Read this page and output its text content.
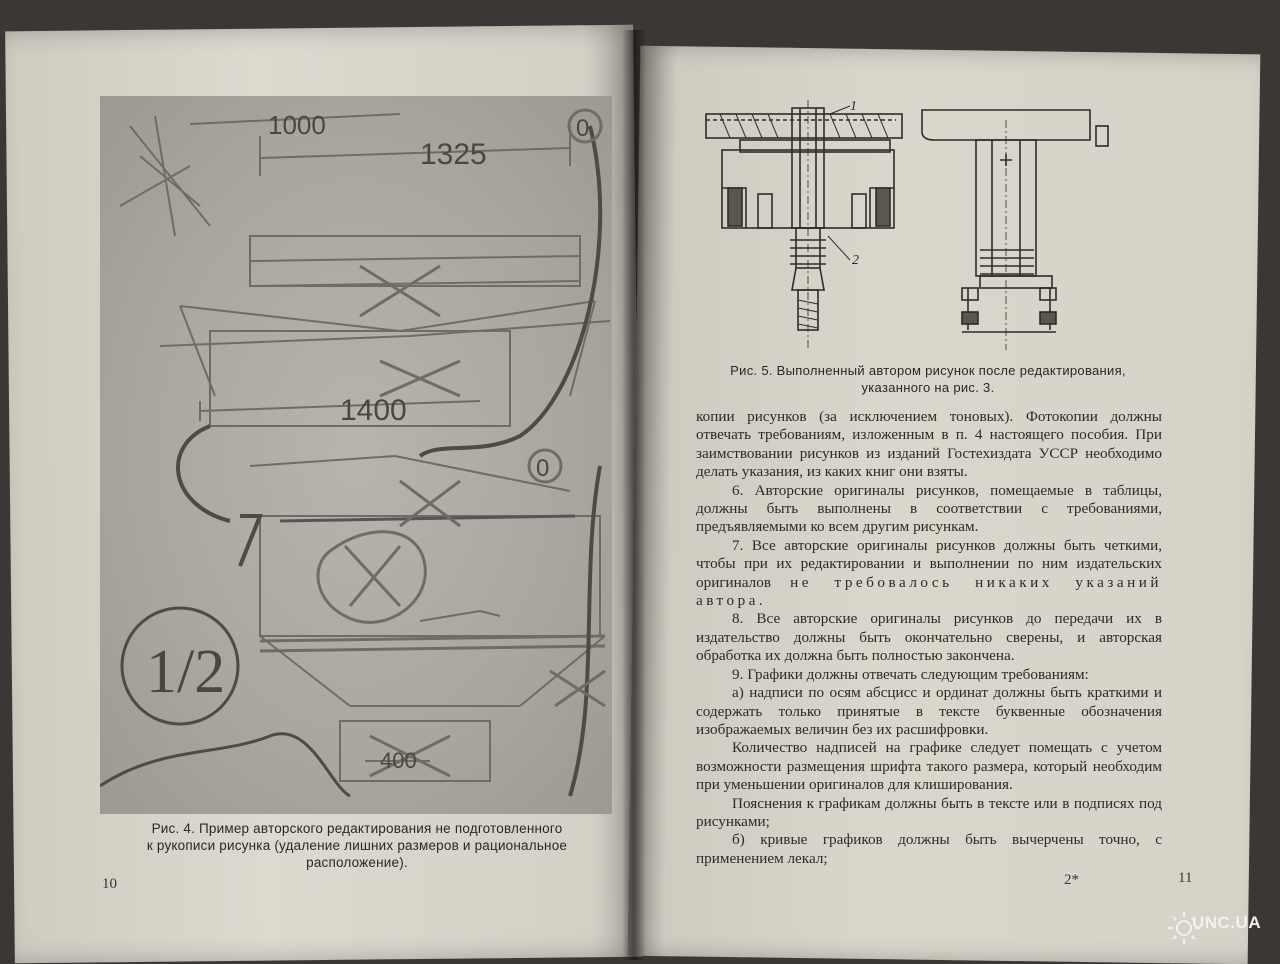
1000
1325
1400
400
1/2
0
0
Рис. 4. Пример авторского редактирования не подготовленного
к рукописи рисунка (удаление лишних размеров и рациональное
расположение).
10
1
2
Рис. 5. Выполненный автором рисунок после редактирования,
указанного на рис. 3.

копии рисунков (за исключением тоновых). Фотокопии должны отвечать требованиям, изложенным в п. 4 настоящего пособия. При заимствовании рисунков из изданий Гостехиздата УССР необходимо делать указания, из каких книг они взяты.

6. Авторские оригиналы рисунков, помещаемые в таблицы, должны быть выполнены в соответствии с требованиями, предъявляемыми ко всем другим рисункам.

7. Все авторские оригиналы рисунков должны быть четкими, чтобы при их редактировании и выполнении по ним издательских оригиналов не требовалось никаких указаний автора.

8. Все авторские оригиналы рисунков до передачи их в издательство должны быть окончательно сверены, и авторская обработка их должна быть полностью закончена.

9. Графики должны отвечать следующим требованиям:

а) надписи по осям абсцисс и ординат должны быть краткими и содержать только принятые в тексте буквенные обозначения изображаемых величин без их расшифровки.

Количество надписей на графике следует помещать с учетом возможности размещения шрифта такого размера, который необходим при уменьшении оригиналов для клиширования.

Пояснения к графикам должны быть в тексте или в подписях под рисунками;

б) кривые графиков должны быть вычерчены точно, с применением лекал;

2*	11
UNC.UA
